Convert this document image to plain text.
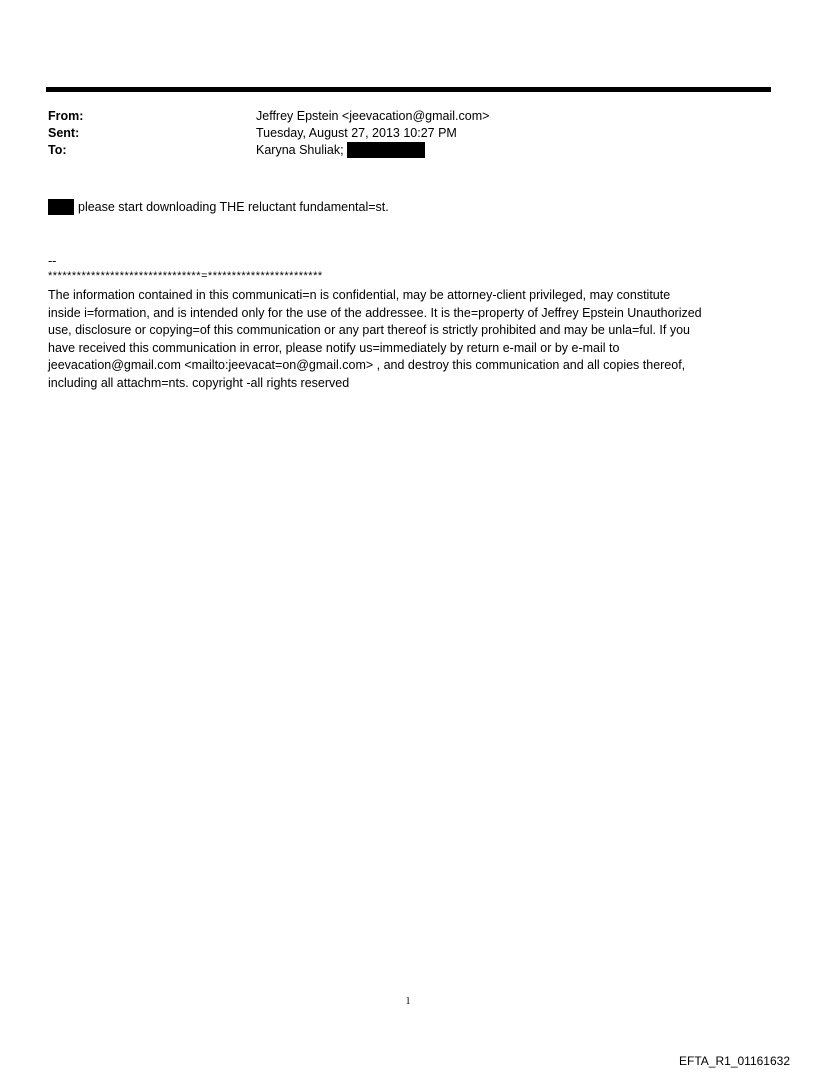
From:	Jeffrey Epstein <jeevacation@gmail.com>
Sent:	Tuesday, August 27, 2013 10:27 PM
To:	Karyna Shuliak;
please start downloading THE reluctant fundamental=st.
--
********************************=************************

The information contained in this communicati=n is confidential, may be attorney-client privileged, may constitute

inside i=formation, and is intended only for the use of the addressee. It is the=property of Jeffrey Epstein Unauthorized

use, disclosure or copying=of this communication or any part thereof is strictly prohibited and may be unla=ful. If you

have received this communication in error, please notify us=immediately by return e-mail or by e-mail to

jeevacation@gmail.com <mailto:jeevacat=on@gmail.com> , and destroy this communication and all copies thereof,

including all attachm=nts. copyright -all rights reserved

1
EFTA_R1_01161632
